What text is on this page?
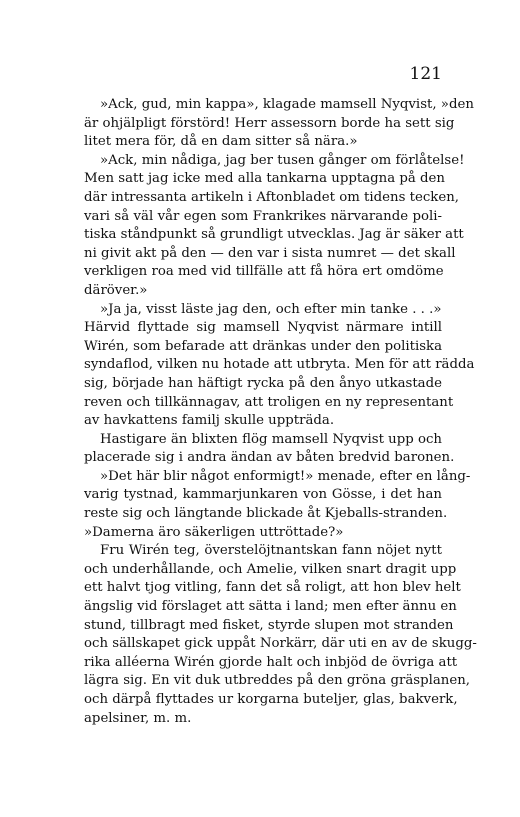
121
»Ack, gud, min kappa», klagade mamsell Nyqvist, »den
är ohjälpligt förstörd! Herr assessorn borde ha sett sig
litet mera för, då en dam sitter så nära.»
»Ack, min nådiga, jag ber tusen gånger om förlåtelse!
Men satt jag icke med alla tankarna upptagna på den
där intressanta artikeln i Aftonbladet om tidens tecken,
vari så väl vår egen som Frankrikes närvarande poli-
tiska ståndpunkt så grundligt utvecklas. Jag är säker att
ni givit akt på den — den var i sista numret — det skall
verkligen roa med vid tillfälle att få höra ert omdöme
däröver.»
»Ja ja, visst läste jag den, och efter min tanke . . .»
Härvid flyttade sig mamsell Nyqvist närmare intill
Wirén, som befarade att dränkas under den politiska
syndaflod, vilken nu hotade att utbryta. Men för att rädda
sig, började han häftigt rycka på den ånyo utkastade
reven och tillkännagav, att troligen en ny representant
av havkattens familj skulle uppträda.
Hastigare än blixten flög mamsell Nyqvist upp och
placerade sig i andra ändan av båten bredvid baronen.
»Det här blir något enformigt!» menade, efter en lång-
varig tystnad, kammarjunkaren von Gösse, i det han
reste sig och längtande blickade åt Kjeballs-stranden.
»Damerna äro säkerligen uttröttade?»
Fru Wirén teg, överstelöjtnantskan fann nöjet nytt
och underhållande, och Amelie, vilken snart dragit upp
ett halvt tjog vitling, fann det så roligt, att hon blev helt
ängslig vid förslaget att sätta i land; men efter ännu en
stund, tillbragt med fisket, styrde slupen mot stranden
och sällskapet gick uppåt Norkärr, där uti en av de skugg-
rika alléerna Wirén gjorde halt och inbjöd de övriga att
lägra sig. En vit duk utbreddes på den gröna gräsplanen,
och därpå flyttades ur korgarna buteljer, glas, bakverk,
apelsiner, m. m.
